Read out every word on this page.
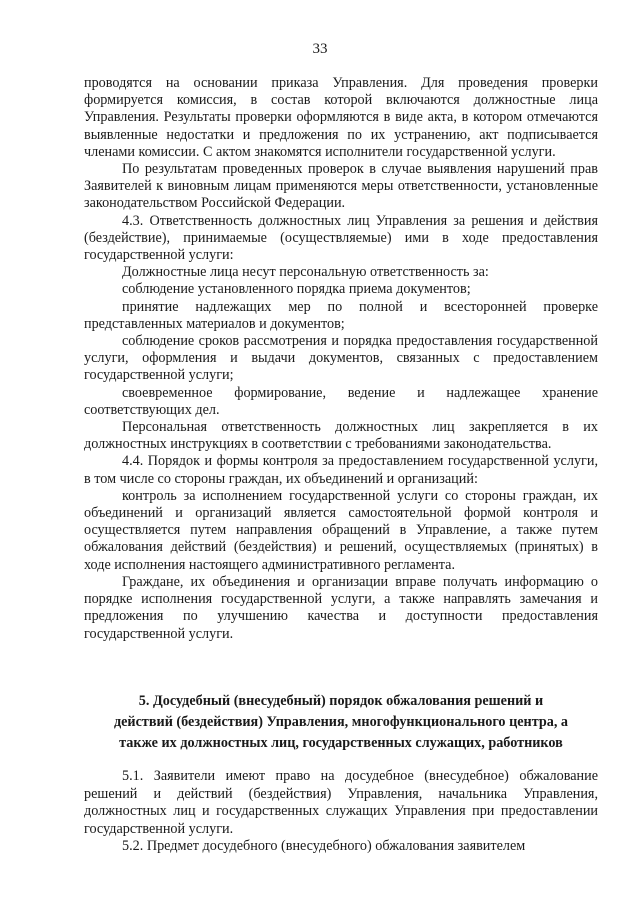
33

проводятся на основании приказа Управления. Для проведения проверки формируется комиссия, в состав которой включаются должностные лица Управления. Результаты проверки оформляются в виде акта, в котором отмечаются выявленные недостатки и предложения по их устранению, акт подписывается членами комиссии. С актом знакомятся исполнители государственной услуги.

По результатам проведенных проверок в случае выявления нарушений прав Заявителей к виновным лицам применяются меры ответственности, установленные законодательством Российской Федерации.

4.3. Ответственность должностных лиц Управления за решения и действия (бездействие), принимаемые (осуществляемые) ими в ходе предоставления государственной услуги:

Должностные лица несут персональную ответственность за:

соблюдение установленного порядка приема документов;

принятие надлежащих мер по полной и всесторонней проверке представленных материалов и документов;

соблюдение сроков рассмотрения и порядка предоставления государственной услуги, оформления и выдачи документов, связанных с предоставлением государственной услуги;

своевременное формирование, ведение и надлежащее хранение соответствующих дел.

Персональная ответственность должностных лиц закрепляется в их должностных инструкциях в соответствии с требованиями законодательства.

4.4. Порядок и формы контроля за предоставлением государственной услуги, в том числе со стороны граждан, их объединений и организаций:

контроль за исполнением государственной услуги со стороны граждан, их объединений и организаций является самостоятельной формой контроля и осуществляется путем направления обращений в Управление, а также путем обжалования действий (бездействия) и решений, осуществляемых (принятых) в ходе исполнения настоящего административного регламента.

Граждане, их объединения и организации вправе получать информацию о порядке исполнения государственной услуги, а также направлять замечания и предложения по улучшению качества и доступности предоставления государственной услуги.

5. Досудебный (внесудебный) порядок обжалования решений и
действий (бездействия) Управления, многофункционального центра, а
также их должностных лиц, государственных служащих, работников

5.1. Заявители имеют право на досудебное (внесудебное) обжалование решений и действий (бездействия) Управления, начальника Управления, должностных лиц и государственных служащих Управления при предоставлении государственной услуги.

5.2. Предмет досудебного (внесудебного) обжалования заявителем
